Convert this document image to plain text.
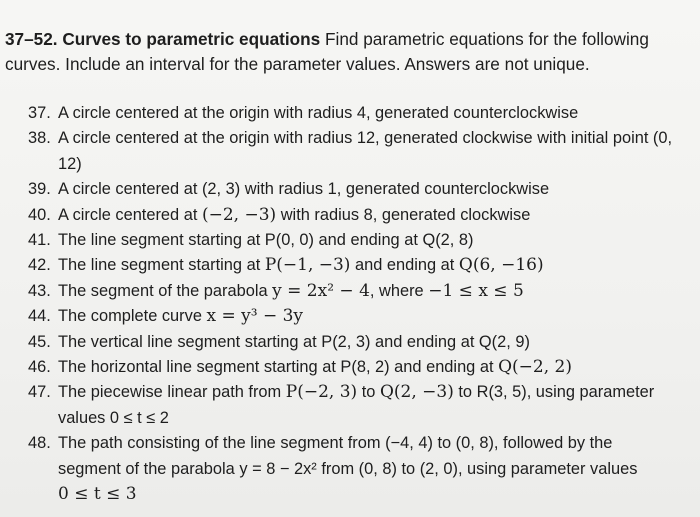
37–52. Curves to parametric equations Find parametric equations for the following
curves. Include an interval for the parameter values. Answers are not unique.
37. A circle centered at the origin with radius 4, generated counterclockwise
38. A circle centered at the origin with radius 12, generated clockwise with initial point (0,
12)
39. A circle centered at (2, 3) with radius 1, generated counterclockwise
40. A circle centered at (−2, −3) with radius 8, generated clockwise
41. The line segment starting at P(0, 0) and ending at Q(2, 8)
42. The line segment starting at P(−1, −3) and ending at Q(6, −16)
43. The segment of the parabola y = 2x² − 4, where −1 ≤ x ≤ 5
44. The complete curve x = y³ − 3y
45. The vertical line segment starting at P(2, 3) and ending at Q(2, 9)
46. The horizontal line segment starting at P(8, 2) and ending at Q(−2, 2)
47. The piecewise linear path from P(−2, 3) to Q(2, −3) to R(3, 5), using parameter
values 0 ≤ t ≤ 2
48. The path consisting of the line segment from (−4, 4) to (0, 8), followed by the
segment of the parabola y = 8 − 2x² from (0, 8) to (2, 0), using parameter values
0 ≤ t ≤ 3
